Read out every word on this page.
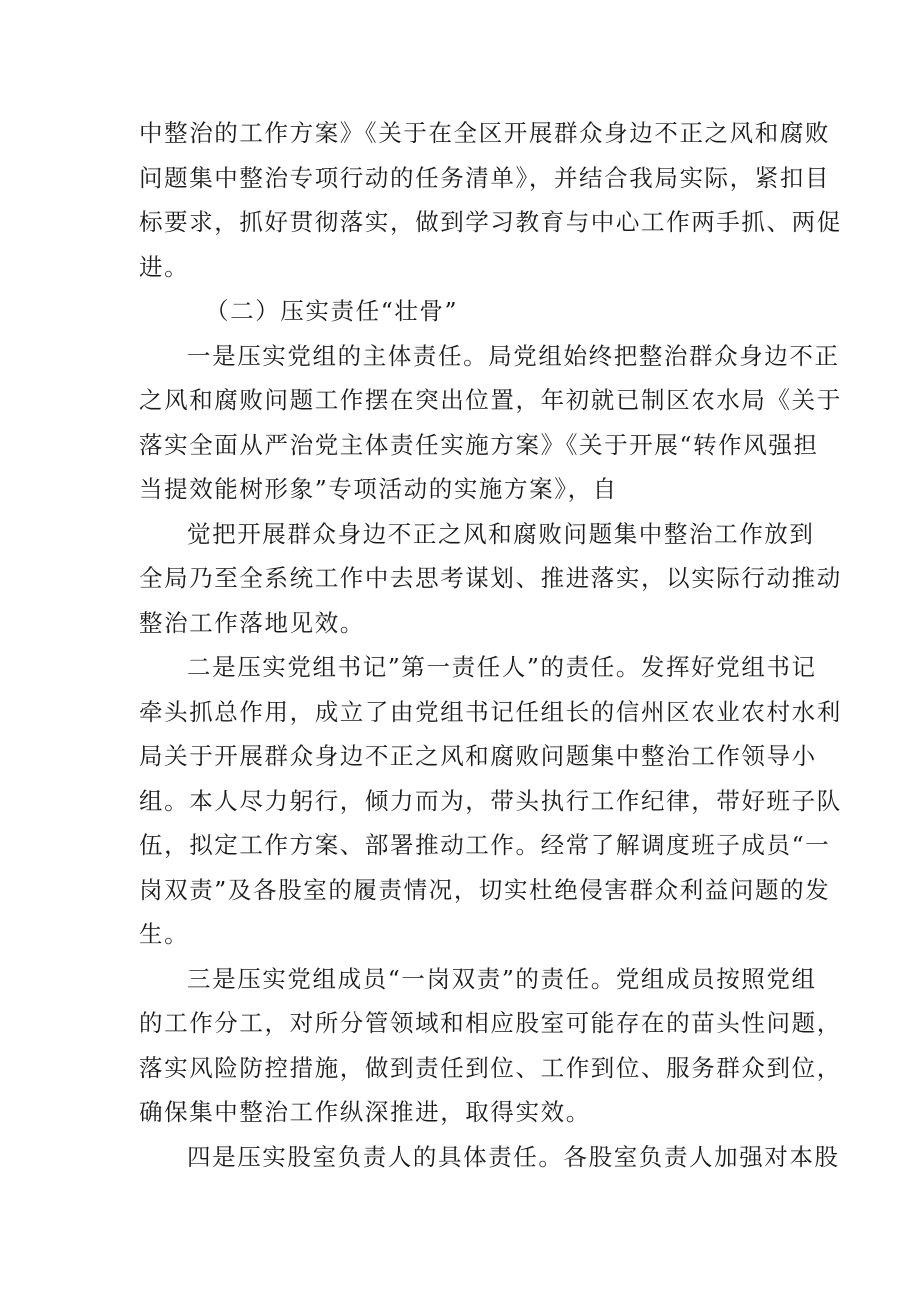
中整治的工作方案》《关于在全区开展群众身边不正之风和腐败
问题集中整治专项行动的任务清单》，并结合我局实际，紧扣目
标要求，抓好贯彻落实，做到学习教育与中心工作两手抓、两促
进。
（二）压实责任“壮骨”
一是压实党组的主体责任。局党组始终把整治群众身边不正
之风和腐败问题工作摆在突出位置，年初就已制区农水局《关于
落实全面从严治党主体责任实施方案》《关于开展“转作风强担
当提效能树形象”专项活动的实施方案》，自
觉把开展群众身边不正之风和腐败问题集中整治工作放到
全局乃至全系统工作中去思考谋划、推进落实，以实际行动推动
整治工作落地见效。
二是压实党组书记”第一责任人”的责任。发挥好党组书记
牵头抓总作用，成立了由党组书记任组长的信州区农业农村水利
局关于开展群众身边不正之风和腐败问题集中整治工作领导小
组。本人尽力躬行，倾力而为，带头执行工作纪律，带好班子队
伍，拟定工作方案、部署推动工作。经常了解调度班子成员“一
岗双责”及各股室的履责情况，切实杜绝侵害群众利益问题的发
生。
三是压实党组成员“一岗双责”的责任。党组成员按照党组
的工作分工，对所分管领域和相应股室可能存在的苗头性问题，
落实风险防控措施，做到责任到位、工作到位、服务群众到位，
确保集中整治工作纵深推进，取得实效。
四是压实股室负责人的具体责任。各股室负责人加强对本股
